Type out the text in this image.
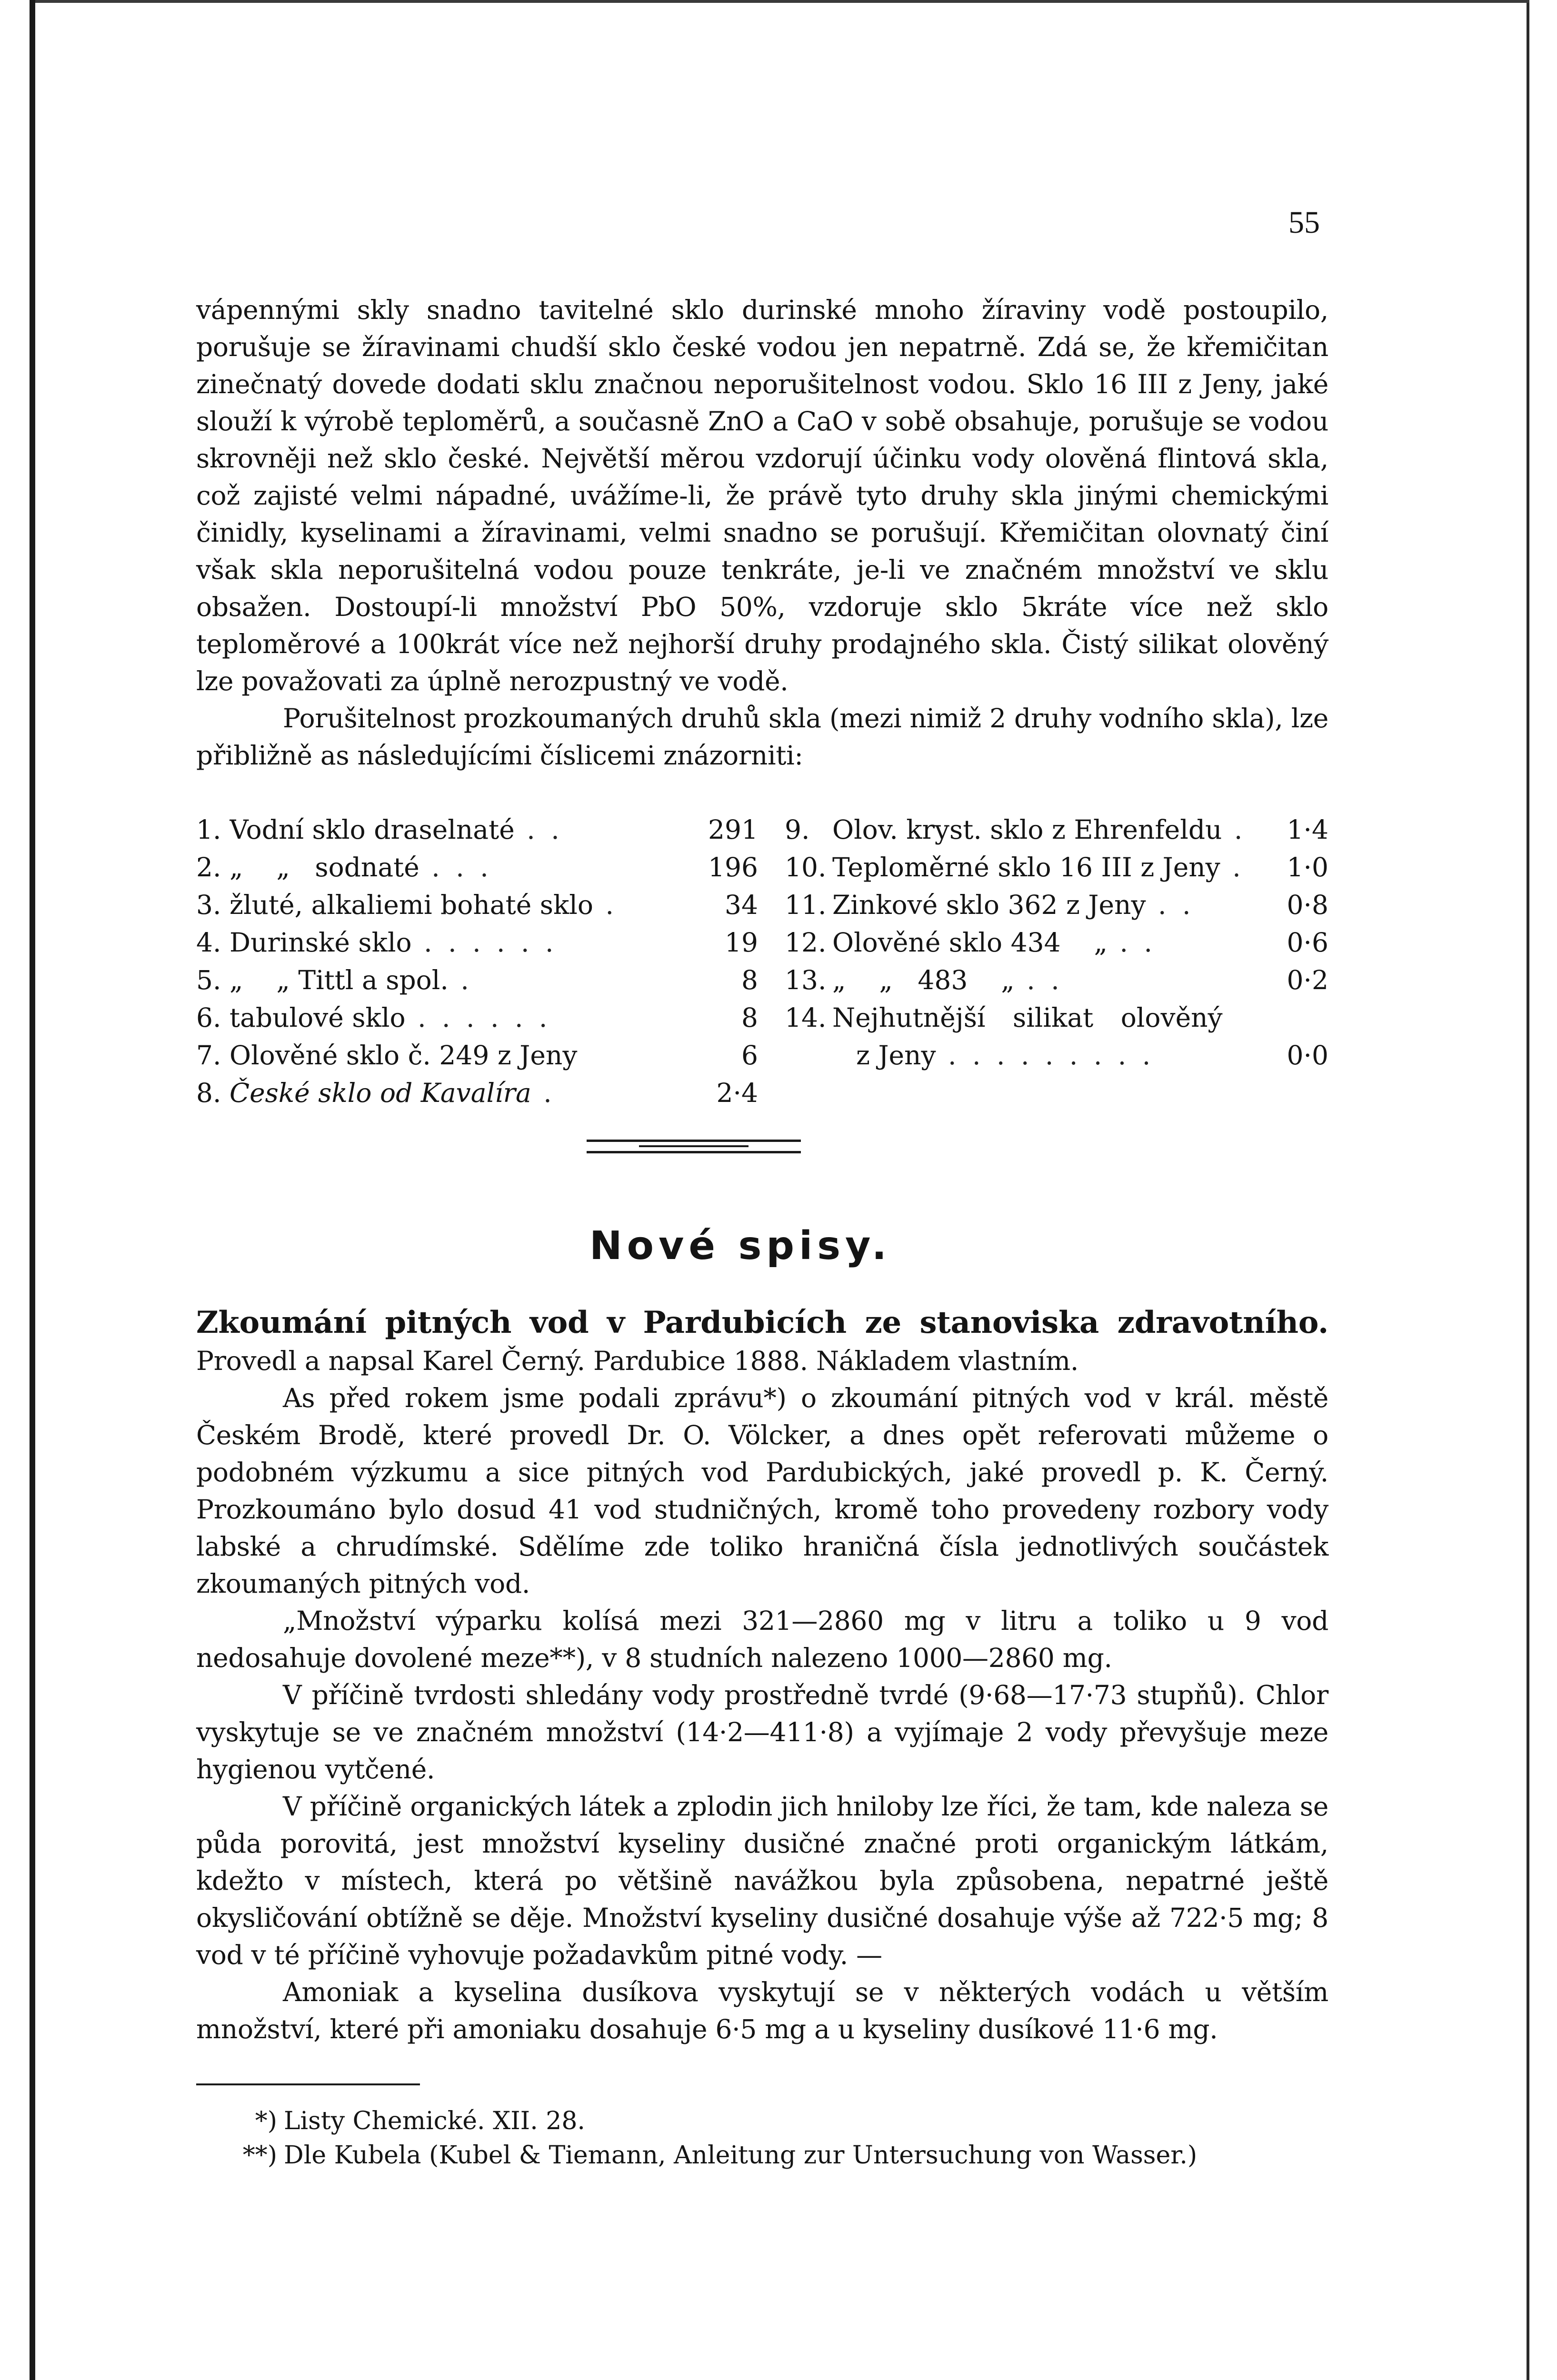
55

vápennými skly snadno tavitelné sklo durinské mnoho žíraviny vodě postoupilo, porušuje se žíravinami chudší sklo české vodou jen nepatrně. Zdá se, že křemičitan zinečnatý dovede dodati sklu značnou neporušitelnost vodou. Sklo 16 III z Jeny, jaké slouží k výrobě teploměrů, a současně ZnO a CaO v sobě obsahuje, porušuje se vodou skrovněji než sklo české. Největší měrou vzdorují účinku vody olověná flintová skla, což zajisté velmi nápadné, uvážíme-li, že právě tyto druhy skla jinými chemickými činidly, kyselinami a žíravinami, velmi snadno se porušují. Křemičitan olovnatý činí však skla neporušitelná vodou pouze tenkráte, je-li ve značném množství ve sklu obsažen. Dostoupí-li množství PbO 50%, vzdoruje sklo 5kráte více než sklo teploměrové a 100krát více než nejhorší druhy prodajného skla. Čistý silikat olověný lze považovati za úplně nerozpustný ve vodě.

Porušitelnost prozkoumaných druhů skla (mezi nimiž 2 druhy vodního skla), lze přibližně as následujícími číslicemi znázorniti:

1. Vodní sklo draselnaté . .	291
2. „    „   sodnaté . . .	196
3. žluté, alkaliemi bohaté sklo .	34
4. Durinské sklo . . . . . .	19
5. „    „ Tittl a spol. .	8
6. tabulové sklo . . . . . .	8
7. Olověné sklo č. 249 z Jeny	6
8. České sklo od Kavalíra .	2·4
9. Olov. kryst. sklo z Ehrenfeldu .	1·4
10. Teploměrné sklo 16 III z Jeny .	1·0
11. Zinkové sklo 362 z Jeny . .	0·8
12. Olověné sklo 434    „ . .	0·6
13. „    „   483    „ . .	0·2
14. Nejhutnější silikat olověný
z Jeny . . . . . . . . .	0·0
Nové spisy.

Zkoumání pitných vod v Pardubicích ze stanoviska zdravotního. Provedl a napsal Karel Černý. Pardubice 1888. Nákladem vlastním.

As před rokem jsme podali zprávu*) o zkoumání pitných vod v král. městě Českém Brodě, které provedl Dr. O. Völcker, a dnes opět referovati můžeme o podobném výzkumu a sice pitných vod Pardubických, jaké provedl p. K. Černý. Prozkoumáno bylo dosud 41 vod studničných, kromě toho provedeny rozbory vody labské a chrudímské. Sdělíme zde toliko hraničná čísla jednotlivých součástek zkoumaných pitných vod.

„Množství výparku kolísá mezi 321—2860 mg v litru a toliko u 9 vod nedosahuje dovolené meze**), v 8 studních nalezeno 1000—2860 mg.

V příčině tvrdosti shledány vody prostředně tvrdé (9·68—17·73 stupňů). Chlor vyskytuje se ve značném množství (14·2—411·8) a vyjímaje 2 vody převyšuje meze hygienou vytčené.

V příčině organických látek a zplodin jich hniloby lze říci, že tam, kde naleza se půda porovitá, jest množství kyseliny dusičné značné proti organickým látkám, kdežto v místech, která po většině navážkou byla způsobena, nepatrné ještě okysličování obtížně se děje. Množství kyseliny dusičné dosahuje výše až 722·5 mg; 8 vod v té příčině vyhovuje požadavkům pitné vody. —

Amoniak a kyselina dusíkova vyskytují se v některých vodách u větším množství, které při amoniaku dosahuje 6·5 mg a u kyseliny dusíkové 11·6 mg.

*) Listy Chemické. XII. 28.
**) Dle Kubela (Kubel & Tiemann, Anleitung zur Untersuchung von Wasser.)
